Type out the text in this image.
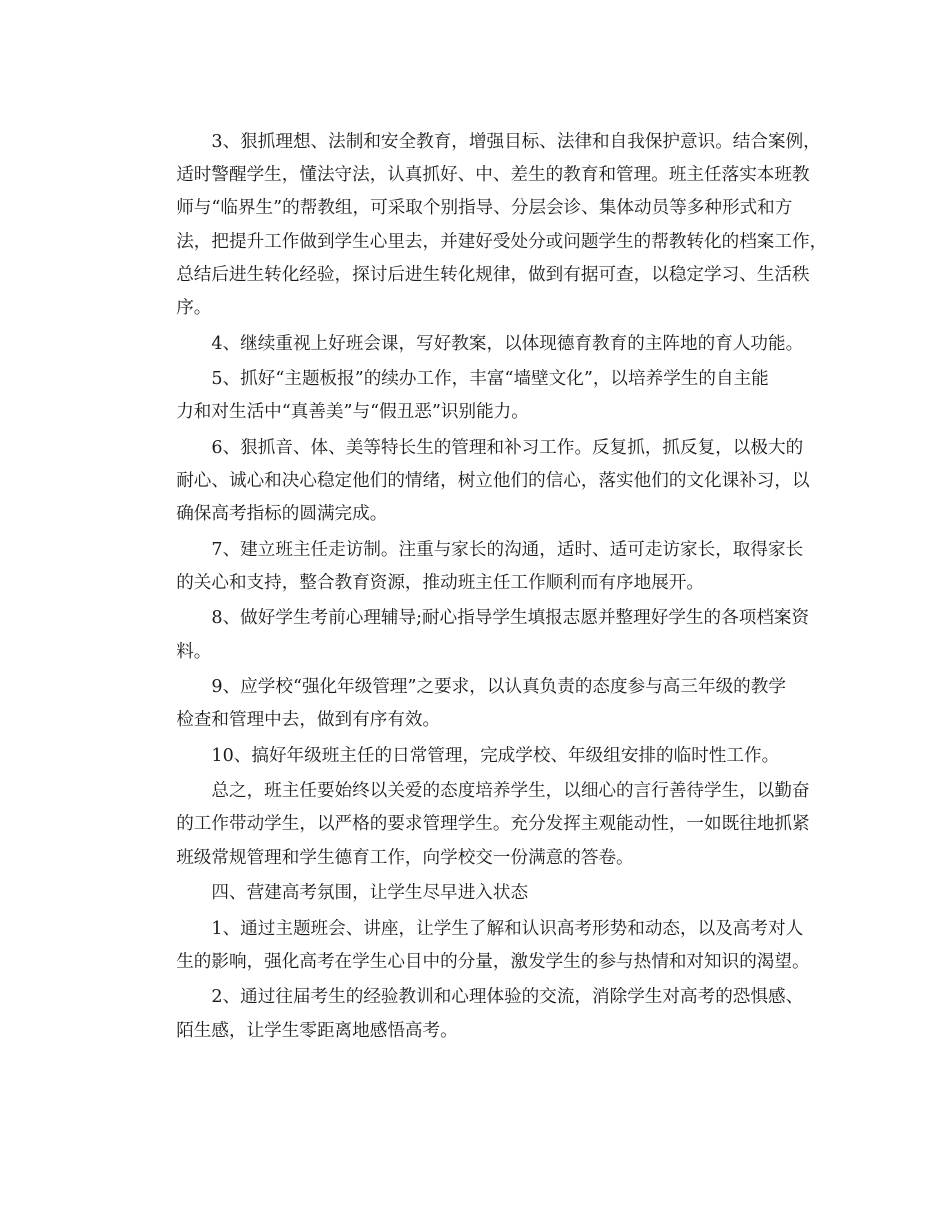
3、狠抓理想、法制和安全教育，增强目标、法律和自我保护意识。结合案例，
适时警醒学生，懂法守法，认真抓好、中、差生的教育和管理。班主任落实本班教
师与“临界生”的帮教组，可采取个别指导、分层会诊、集体动员等多种形式和方
法，把提升工作做到学生心里去，并建好受处分或问题学生的帮教转化的档案工作，
总结后进生转化经验，探讨后进生转化规律，做到有据可查，以稳定学习、生活秩
序。

4、继续重视上好班会课，写好教案，以体现德育教育的主阵地的育人功能。

5、抓好“主题板报”的续办工作，丰富“墙壁文化”，以培养学生的自主能
力和对生活中“真善美”与“假丑恶”识别能力。

6、狠抓音、体、美等特长生的管理和补习工作。反复抓，抓反复，以极大的
耐心、诚心和决心稳定他们的情绪，树立他们的信心，落实他们的文化课补习，以
确保高考指标的圆满完成。

7、建立班主任走访制。注重与家长的沟通，适时、适可走访家长，取得家长
的关心和支持，整合教育资源，推动班主任工作顺利而有序地展开。

8、做好学生考前心理辅导;耐心指导学生填报志愿并整理好学生的各项档案资
料。

9、应学校“强化年级管理”之要求，以认真负责的态度参与高三年级的教学
检查和管理中去，做到有序有效。

10、搞好年级班主任的日常管理，完成学校、年级组安排的临时性工作。

总之，班主任要始终以关爱的态度培养学生，以细心的言行善待学生，以勤奋
的工作带动学生，以严格的要求管理学生。充分发挥主观能动性，一如既往地抓紧
班级常规管理和学生德育工作，向学校交一份满意的答卷。

四、营建高考氛围，让学生尽早进入状态

1、通过主题班会、讲座，让学生了解和认识高考形势和动态，以及高考对人
生的影响，强化高考在学生心目中的分量，激发学生的参与热情和对知识的渴望。

2、通过往届考生的经验教训和心理体验的交流，消除学生对高考的恐惧感、
陌生感，让学生零距离地感悟高考。
